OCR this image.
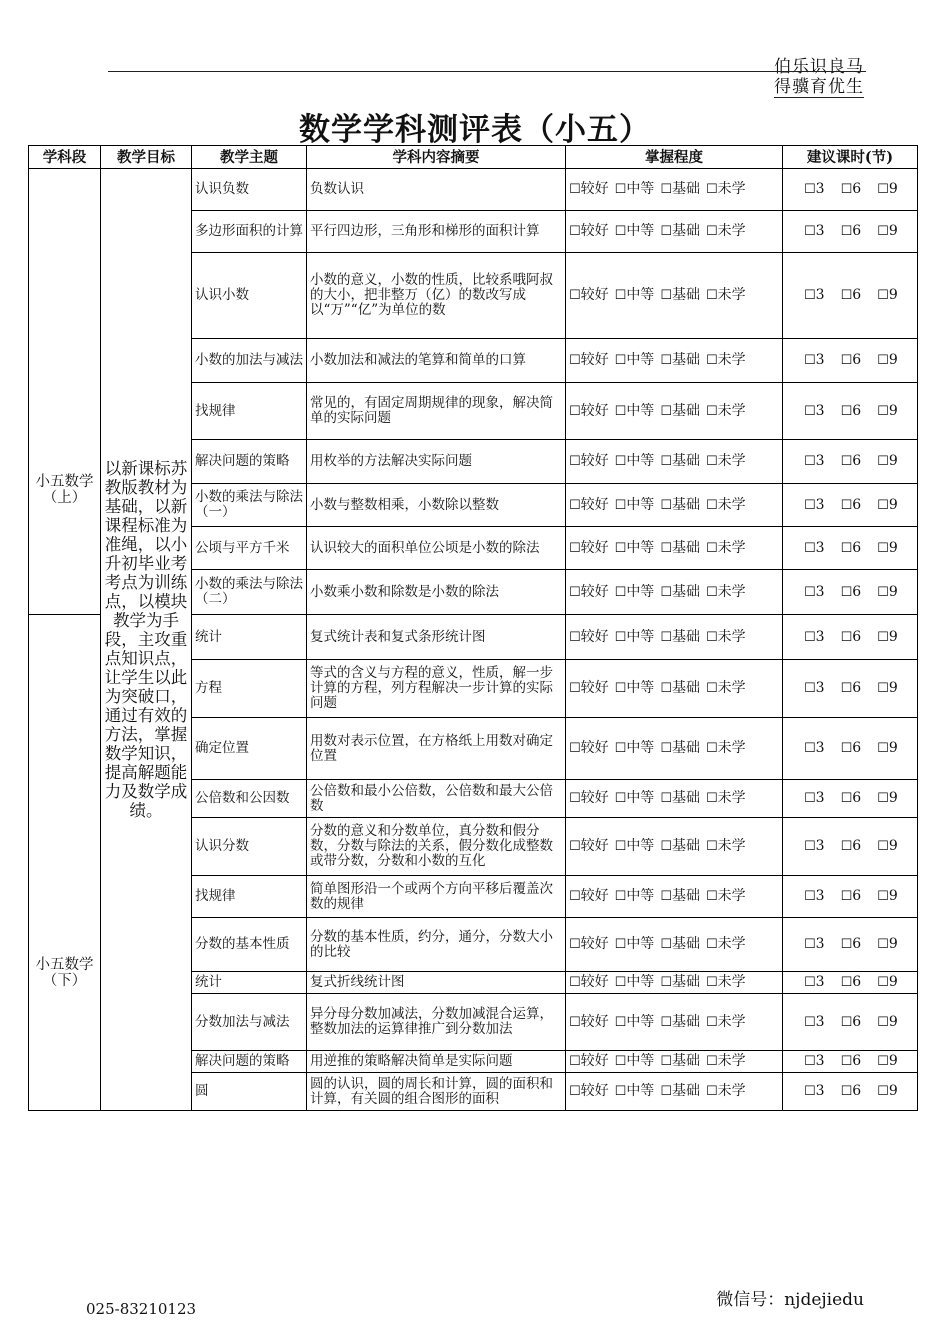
伯乐识良马
得骥育优生
数学学科测评表（小五）
学科段	教学目标	教学主题	学科内容摘要	掌握程度	建议课时(节)

小五数学（上）	以新课标苏教版教材为基础，以新课程标准为准绳，以小升初毕业考考点为训练点，以模块教学为手段，主攻重点知识点，让学生以此为突破口，通过有效的方法，掌握数学知识，提高解题能力及数学成绩。	认识负数	负数认识	☐较好 ☐中等 ☐基础 ☐未学	☐3 ☐6 ☐9
		多边形面积的计算	平行四边形，三角形和梯形的面积计算	☐较好 ☐中等 ☐基础 ☐未学	☐3 ☐6 ☐9
		认识小数	小数的意义，小数的性质，比较系哦阿叔的大小，把非整万（亿）的数改写成以“万”“亿”为单位的数	☐较好 ☐中等 ☐基础 ☐未学	☐3 ☐6 ☐9
		小数的加法与减法	小数加法和减法的笔算和简单的口算	☐较好 ☐中等 ☐基础 ☐未学	☐3 ☐6 ☐9
		找规律	常见的，有固定周期规律的现象，解决简单的实际问题	☐较好 ☐中等 ☐基础 ☐未学	☐3 ☐6 ☐9
		解决问题的策略	用枚举的方法解决实际问题	☐较好 ☐中等 ☐基础 ☐未学	☐3 ☐6 ☐9
		小数的乘法与除法（一）	小数与整数相乘，小数除以整数	☐较好 ☐中等 ☐基础 ☐未学	☐3 ☐6 ☐9
		公顷与平方千米	认识较大的面积单位公顷是小数的除法	☐较好 ☐中等 ☐基础 ☐未学	☐3 ☐6 ☐9
		小数的乘法与除法（二）	小数乘小数和除数是小数的除法	☐较好 ☐中等 ☐基础 ☐未学	☐3 ☐6 ☐9

小五数学（下）		统计	复式统计表和复式条形统计图	☐较好 ☐中等 ☐基础 ☐未学	☐3 ☐6 ☐9
		方程	等式的含义与方程的意义，性质，解一步计算的方程，列方程解决一步计算的实际问题	☐较好 ☐中等 ☐基础 ☐未学	☐3 ☐6 ☐9
		确定位置	用数对表示位置，在方格纸上用数对确定位置	☐较好 ☐中等 ☐基础 ☐未学	☐3 ☐6 ☐9
		公倍数和公因数	公倍数和最小公倍数，公倍数和最大公倍数	☐较好 ☐中等 ☐基础 ☐未学	☐3 ☐6 ☐9
		认识分数	分数的意义和分数单位，真分数和假分数，分数与除法的关系，假分数化成整数或带分数，分数和小数的互化	☐较好 ☐中等 ☐基础 ☐未学	☐3 ☐6 ☐9
		找规律	简单图形沿一个或两个方向平移后覆盖次数的规律	☐较好 ☐中等 ☐基础 ☐未学	☐3 ☐6 ☐9
		分数的基本性质	分数的基本性质，约分，通分，分数大小的比较	☐较好 ☐中等 ☐基础 ☐未学	☐3 ☐6 ☐9
		统计	复式折线统计图	☐较好 ☐中等 ☐基础 ☐未学	☐3 ☐6 ☐9
		分数加法与减法	异分母分数加减法，分数加减混合运算，整数加法的运算律推广到分数加法	☐较好 ☐中等 ☐基础 ☐未学	☐3 ☐6 ☐9
		解决问题的策略	用逆推的策略解决简单是实际问题	☐较好 ☐中等 ☐基础 ☐未学	☐3 ☐6 ☐9
		圆	圆的认识，圆的周长和计算，圆的面积和计算，有关圆的组合图形的面积	☐较好 ☐中等 ☐基础 ☐未学	☐3 ☐6 ☐9
微信号：njdejiedu
025-83210123
